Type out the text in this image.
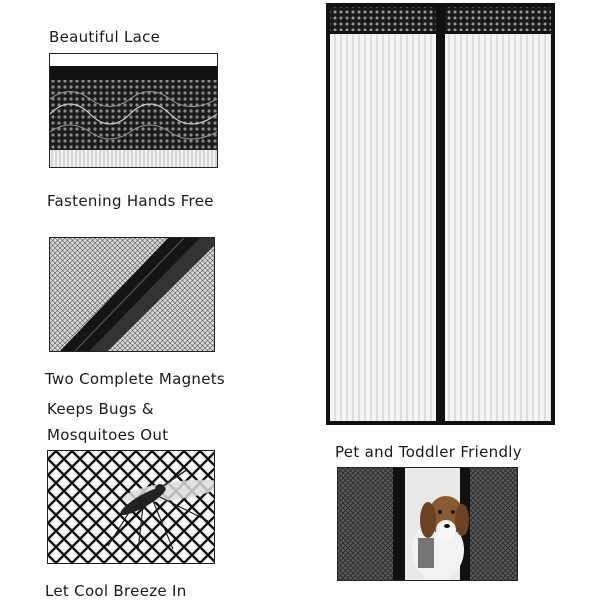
Beautiful Lace
Fastening Hands Free
Two Complete Magnets
Keeps Bugs &
Mosquitoes Out
Let Cool Breeze In
Pet and Toddler Friendly
